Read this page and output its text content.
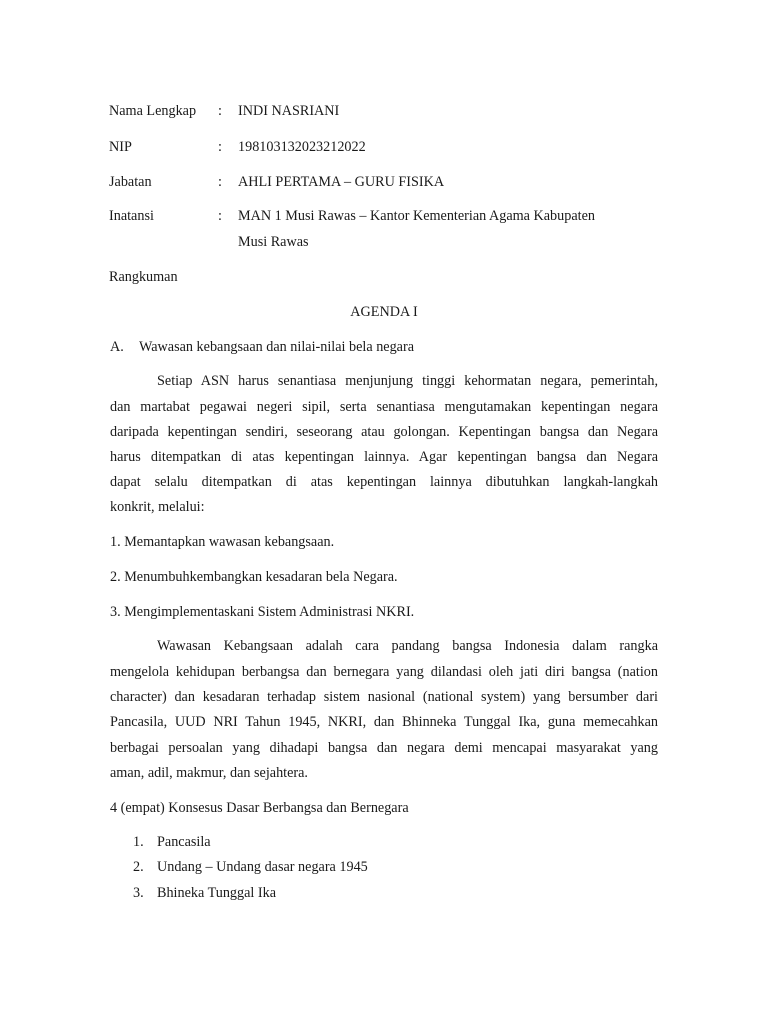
Nama Lengkap : INDI NASRIANI
NIP	: 198103132023212022
Jabatan	: AHLI PERTAMA – GURU FISIKA
Inatansi	: MAN 1 Musi Rawas – Kantor Kementerian Agama Kabupaten
Musi Rawas
Rangkuman
AGENDA I
A. Wawasan kebangsaan dan nilai-nilai bela negara
Setiap ASN harus senantiasa menjunjung tinggi kehormatan negara, pemerintah,
dan martabat pegawai negeri sipil, serta senantiasa mengutamakan kepentingan negara
daripada kepentingan sendiri, seseorang atau golongan. Kepentingan bangsa dan Negara
harus ditempatkan di atas kepentingan lainnya. Agar kepentingan bangsa dan Negara
dapat selalu ditempatkan di atas kepentingan lainnya dibutuhkan langkah-langkah
konkrit, melalui:
1. Memantapkan wawasan kebangsaan.
2. Menumbuhkembangkan kesadaran bela Negara.
3. Mengimplementaskani Sistem Administrasi NKRI.
Wawasan Kebangsaan adalah cara pandang bangsa Indonesia dalam rangka
mengelola kehidupan berbangsa dan bernegara yang dilandasi oleh jati diri bangsa (nation
character) dan kesadaran terhadap sistem nasional (national system) yang bersumber dari
Pancasila, UUD NRI Tahun 1945, NKRI, dan Bhinneka Tunggal Ika, guna memecahkan
berbagai persoalan yang dihadapi bangsa dan negara demi mencapai masyarakat yang
aman, adil, makmur, dan sejahtera.
4 (empat) Konsesus Dasar Berbangsa dan Bernegara
1. Pancasila
2. Undang – Undang dasar negara 1945
3. Bhineka Tunggal Ika
